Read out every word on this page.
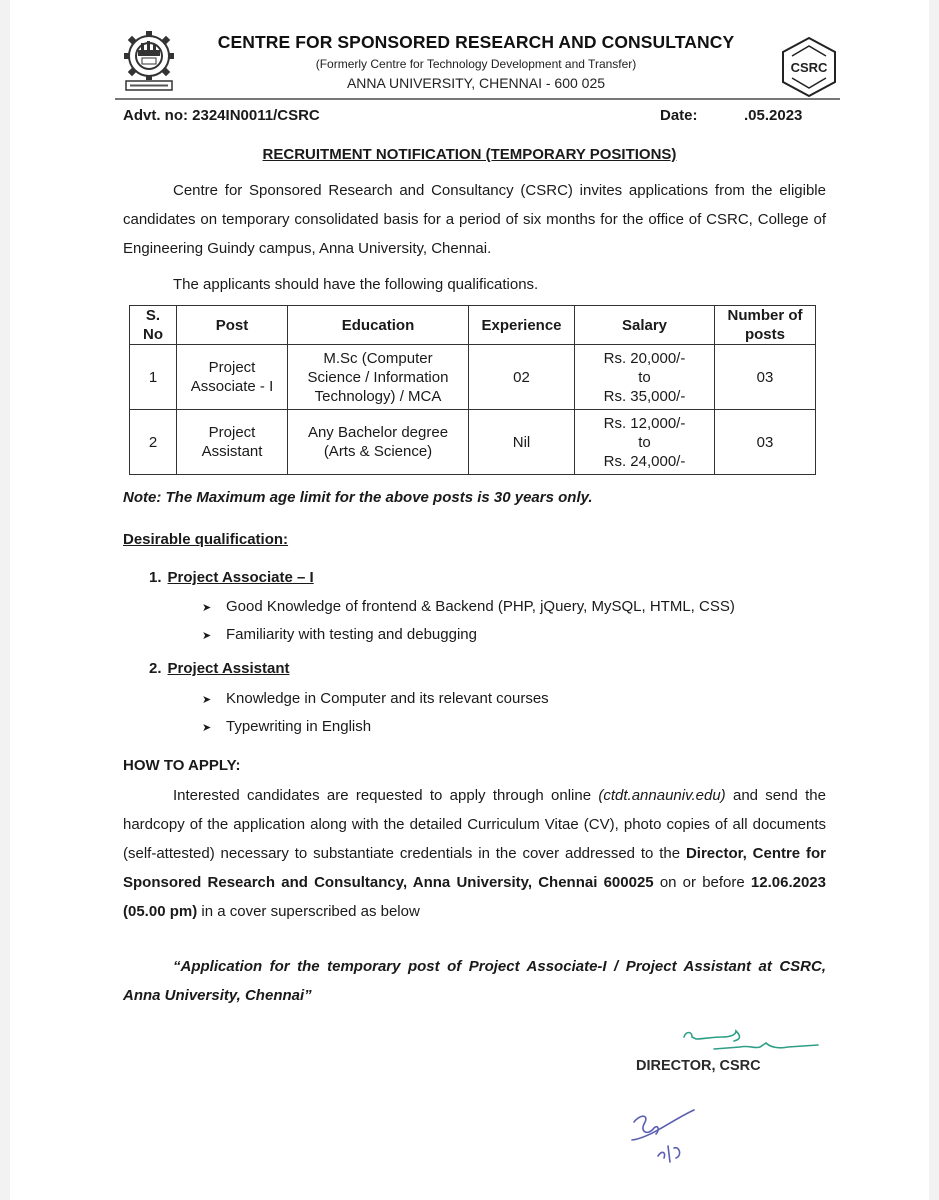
CENTRE FOR SPONSORED RESEARCH AND CONSULTANCY
(Formerly Centre for Technology Development and Transfer)
ANNA UNIVERSITY, CHENNAI - 600 025
CSRC
Advt. no: 2324IN0011/CSRC	Date:	.05.2023
RECRUITMENT NOTIFICATION (TEMPORARY POSITIONS)
Centre for Sponsored Research and Consultancy (CSRC) invites applications from the eligible candidates on temporary consolidated basis for a period of six months for the office of CSRC, College of Engineering Guindy campus, Anna University, Chennai.
The applicants should have the following qualifications.
S.
No	Post	Education	Experience	Salary	Number of
posts
1	Project
Associate - I	M.Sc (Computer
Science / Information
Technology) / MCA	02	Rs. 20,000/-
to
Rs. 35,000/-	03
2	Project
Assistant	Any Bachelor degree
(Arts & Science)	Nil	Rs. 12,000/-
to
Rs. 24,000/-	03
Note: The Maximum age limit for the above posts is 30 years only.
Desirable qualification:
1. Project Associate – I
➤ Good Knowledge of frontend & Backend (PHP, jQuery, MySQL, HTML, CSS)
➤ Familiarity with testing and debugging
2. Project Assistant
➤ Knowledge in Computer and its relevant courses
➤ Typewriting in English
HOW TO APPLY:
Interested candidates are requested to apply through online (ctdt.annauniv.edu) and send the hardcopy of the application along with the detailed Curriculum Vitae (CV), photo copies of all documents (self-attested) necessary to substantiate credentials in the cover addressed to the Director, Centre for Sponsored Research and Consultancy, Anna University, Chennai 600025 on or before 12.06.2023 (05.00 pm) in a cover superscribed as below
“Application for the temporary post of Project Associate-I / Project Assistant at CSRC, Anna University, Chennai”
DIRECTOR, CSRC
